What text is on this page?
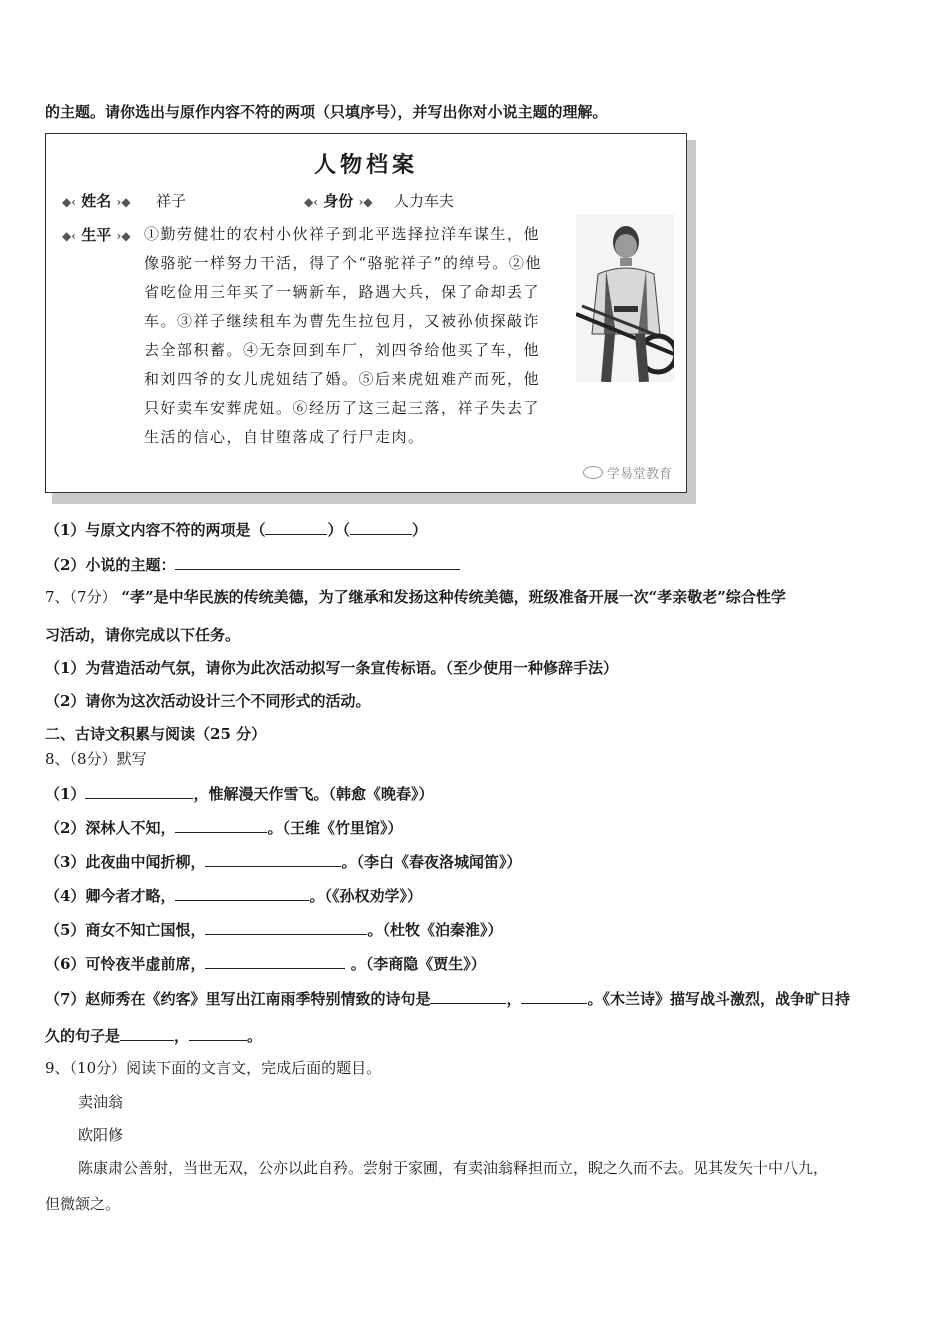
的主题。请你选出与原作内容不符的两项（只填序号），并写出你对小说主题的理解。
人物档案
◆‹ 姓名 ›◆ 祥子	◆‹ 身份 ›◆ 人力车夫
◆‹ 生平 ›◆ ①勤劳健壮的农村小伙祥子到北平选择拉洋车谋生，他像骆驼一样努力干活，得了个“骆驼祥子”的绰号。②他省吃俭用三年买了一辆新车，路遇大兵，保了命却丢了车。③祥子继续租车为曹先生拉包月，又被孙侦探敲诈去全部积蓄。④无奈回到车厂，刘四爷给他买了车，他和刘四爷的女儿虎妞结了婚。⑤后来虎妞难产而死，他只好卖车安葬虎妞。⑥经历了这三起三落，祥子失去了生活的信心，自甘堕落成了行尸走肉。
学易堂教育
（1）与原文内容不符的两项是（	）（	）
（2）小说的主题：
7、（7分） “孝”是中华民族的传统美德，为了继承和发扬这种传统美德，班级准备开展一次“孝亲敬老”综合性学
习活动，请你完成以下任务。
（1）为营造活动气氛，请你为此次活动拟写一条宣传标语。（至少使用一种修辞手法）
（2）请你为这次活动设计三个不同形式的活动。
二、古诗文积累与阅读（25 分）
8、（8分）默写
（1）	，惟解漫天作雪飞。（韩愈《晚春》）
（2）深林人不知，	。（王维《竹里馆》）
（3）此夜曲中闻折柳，	。（李白《春夜洛城闻笛》）
（4）卿今者才略，	。（《孙权劝学》）
（5）商女不知亡国恨，	。（杜牧《泊秦淮》）
（6）可怜夜半虚前席，	。（李商隐《贾生》）
（7）赵师秀在《约客》里写出江南雨季特别情致的诗句是	，	。《木兰诗》描写战斗激烈，战争旷日持
久的句子是	，	。
9、（10分）阅读下面的文言文，完成后面的题目。
卖油翁
欧阳修
陈康肃公善射，当世无双，公亦以此自矜。尝射于家圃，有卖油翁释担而立，睨之久而不去。见其发矢十中八九，
但微颔之。
